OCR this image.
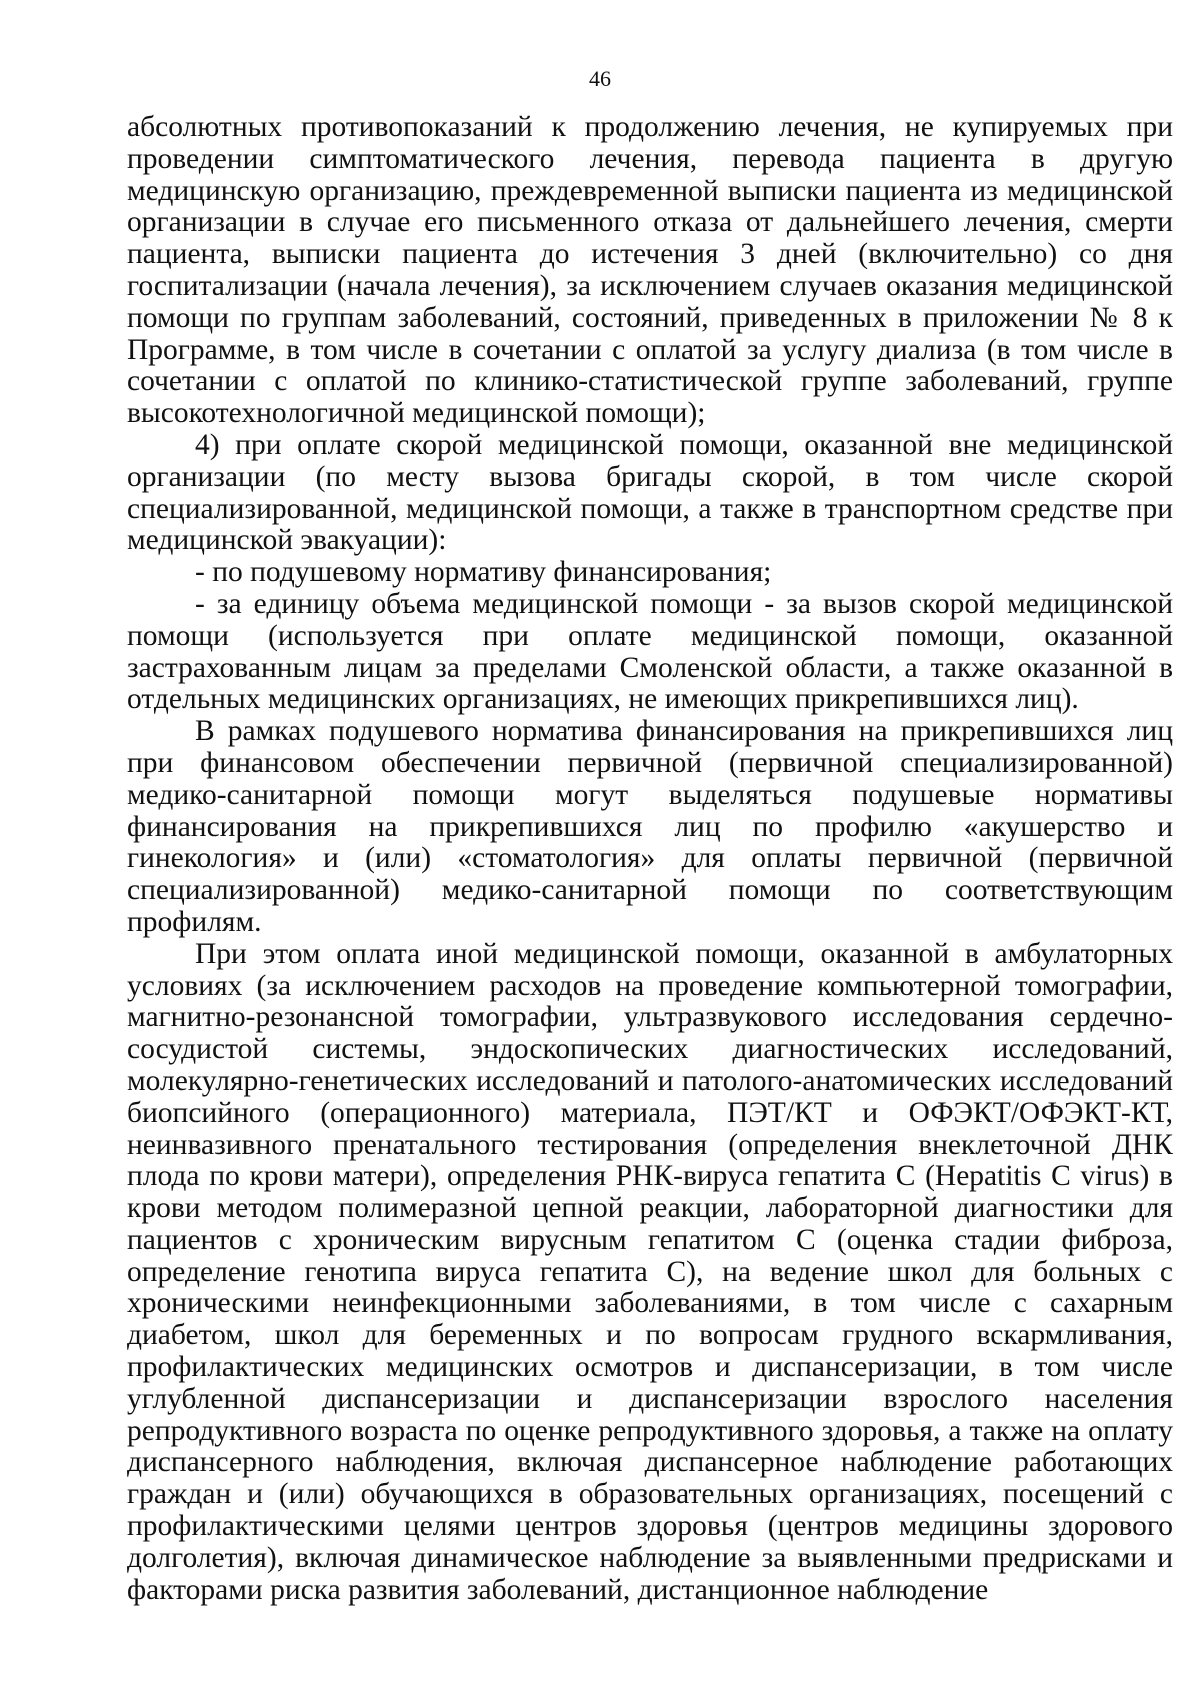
46

абсолютных противопоказаний к продолжению лечения, не купируемых при проведении симптоматического лечения, перевода пациента в другую медицинскую организацию, преждевременной выписки пациента из медицинской организации в случае его письменного отказа от дальнейшего лечения, смерти пациента, выписки пациента до истечения 3 дней (включительно) со дня госпитализации (начала лечения), за исключением случаев оказания медицинской помощи по группам заболеваний, состояний, приведенных в приложении № 8 к Программе, в том числе в сочетании с оплатой за услугу диализа (в том числе в сочетании с оплатой по клинико-статистической группе заболеваний, группе высокотехнологичной медицинской помощи);

4) при оплате скорой медицинской помощи, оказанной вне медицинской организации (по месту вызова бригады скорой, в том числе скорой специализированной, медицинской помощи, а также в транспортном средстве при медицинской эвакуации):

- по подушевому нормативу финансирования;

- за единицу объема медицинской помощи - за вызов скорой медицинской помощи (используется при оплате медицинской помощи, оказанной застрахованным лицам за пределами Смоленской области, а также оказанной в отдельных медицинских организациях, не имеющих прикрепившихся лиц).

В рамках подушевого норматива финансирования на прикрепившихся лиц при финансовом обеспечении первичной (первичной специализированной) медико-санитарной помощи могут выделяться подушевые нормативы финансирования на прикрепившихся лиц по профилю «акушерство и гинекология» и (или) «стоматология» для оплаты первичной (первичной специализированной) медико-санитарной помощи по соответствующим профилям.

При этом оплата иной медицинской помощи, оказанной в амбулаторных условиях (за исключением расходов на проведение компьютерной томографии, магнитно-резонансной томографии, ультразвукового исследования сердечно-сосудистой системы, эндоскопических диагностических исследований, молекулярно-генетических исследований и патолого-анатомических исследований биопсийного (операционного) материала, ПЭТ/КТ и ОФЭКТ/ОФЭКТ-КТ, неинвазивного пренатального тестирования (определения внеклеточной ДНК плода по крови матери), определения РНК-вируса гепатита С (Hepatitis C virus) в крови методом полимеразной цепной реакции, лабораторной диагностики для пациентов с хроническим вирусным гепатитом С (оценка стадии фиброза, определение генотипа вируса гепатита С), на ведение школ для больных с хроническими неинфекционными заболеваниями, в том числе с сахарным диабетом, школ для беременных и по вопросам грудного вскармливания, профилактических медицинских осмотров и диспансеризации, в том числе углубленной диспансеризации и диспансеризации взрослого населения репродуктивного возраста по оценке репродуктивного здоровья, а также на оплату диспансерного наблюдения, включая диспансерное наблюдение работающих граждан и (или) обучающихся в образовательных организациях, посещений с профилактическими целями центров здоровья (центров медицины здорового долголетия), включая динамическое наблюдение за выявленными предрисками и факторами риска развития заболеваний, дистанционное наблюдение
